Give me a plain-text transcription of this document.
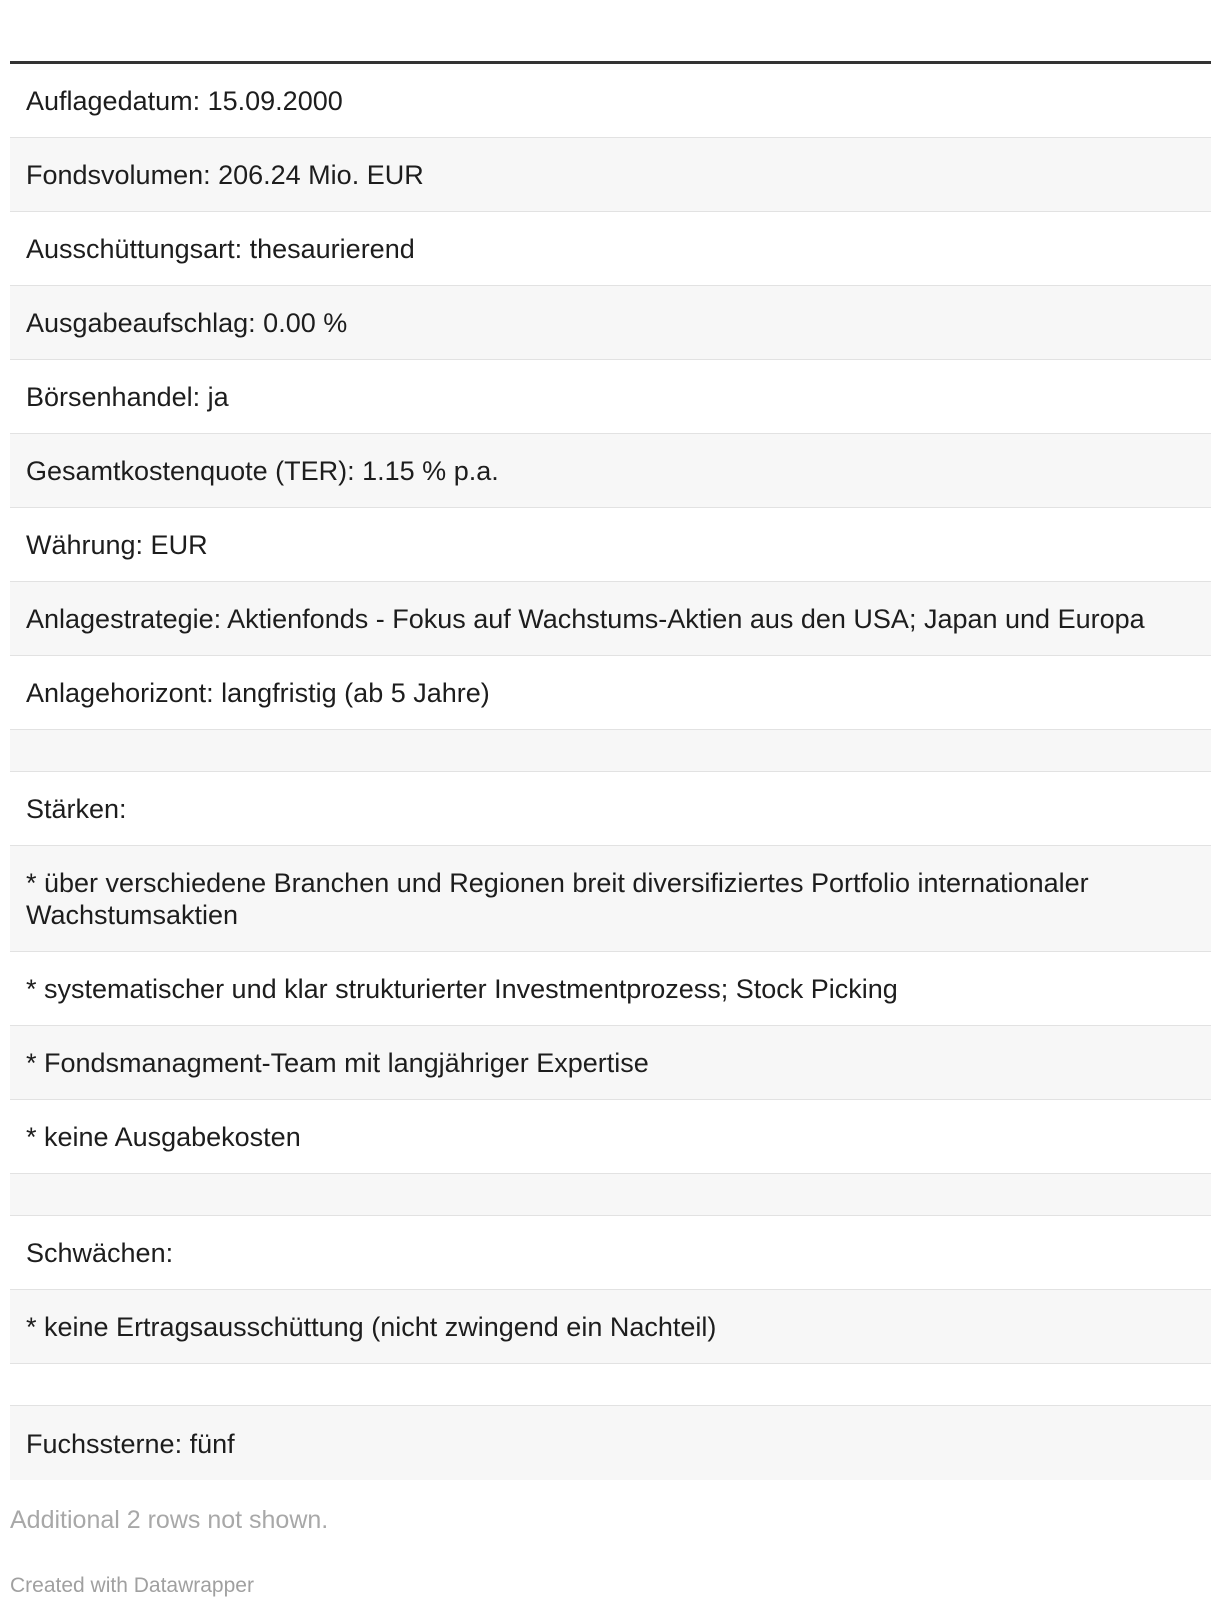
Auflagedatum: 15.09.2000
Fondsvolumen: 206.24 Mio. EUR
Ausschüttungsart: thesaurierend
Ausgabeaufschlag: 0.00 %
Börsenhandel: ja
Gesamtkostenquote (TER): 1.15 % p.a.
Währung: EUR
Anlagestrategie: Aktienfonds - Fokus auf Wachstums-Aktien aus den USA; Japan und Europa
Anlagehorizont: langfristig (ab 5 Jahre)
Stärken:
* über verschiedene Branchen und Regionen breit diversifiziertes Portfolio internationaler Wachstumsaktien
* systematischer und klar strukturierter Investmentprozess; Stock Picking
* Fondsmanagment-Team mit langjähriger Expertise
* keine Ausgabekosten
Schwächen:
* keine Ertragsausschüttung (nicht zwingend ein Nachteil)
Fuchssterne: fünf
Additional 2 rows not shown.
Created with Datawrapper
